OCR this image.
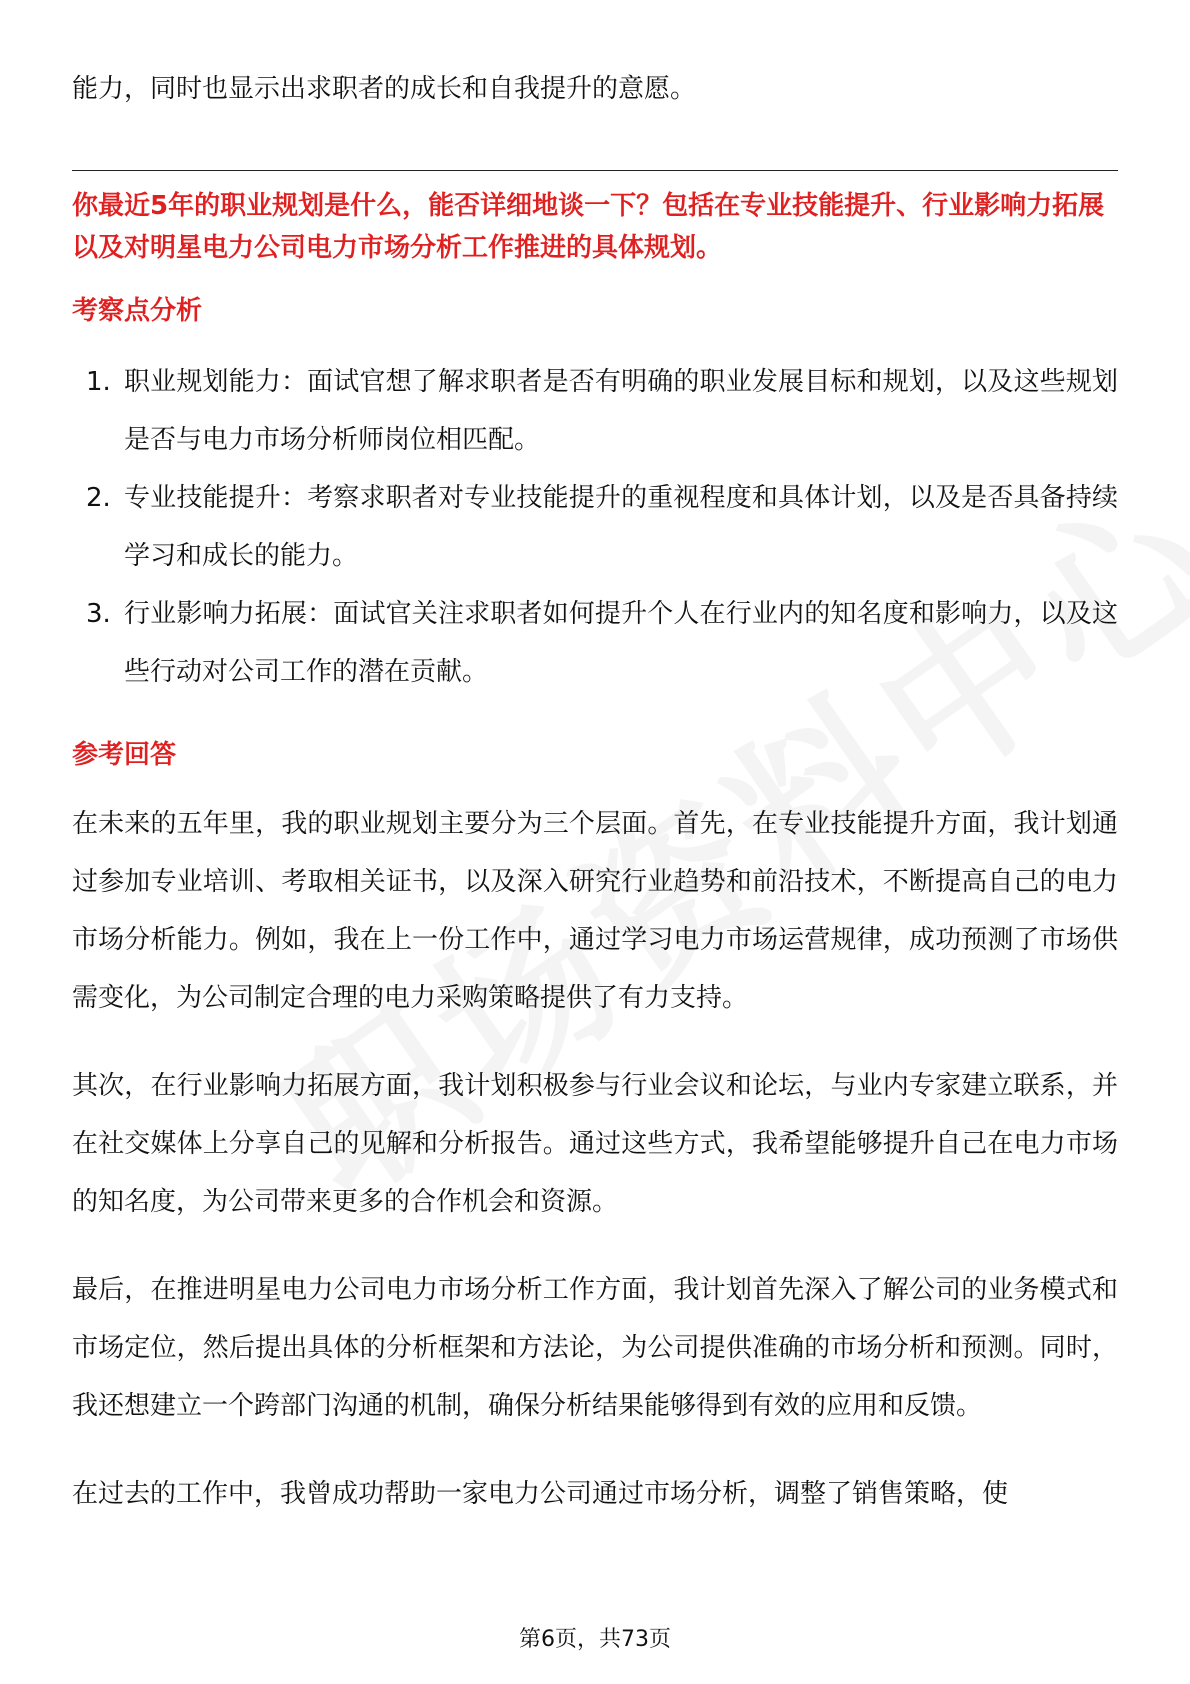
能力，同时也显示出求职者的成长和自我提升的意愿。

你最近5年的职业规划是什么，能否详细地谈一下？包括在专业技能提升、行业影响力拓展以及对明星电力公司电力市场分析工作推进的具体规划。
考察点分析
1. 职业规划能力：面试官想了解求职者是否有明确的职业发展目标和规划，以及这些规划是否与电力市场分析师岗位相匹配。
2. 专业技能提升：考察求职者对专业技能提升的重视程度和具体计划，以及是否具备持续学习和成长的能力。
3. 行业影响力拓展：面试官关注求职者如何提升个人在行业内的知名度和影响力，以及这些行动对公司工作的潜在贡献。
参考回答

在未来的五年里，我的职业规划主要分为三个层面。首先，在专业技能提升方面，我计划通过参加专业培训、考取相关证书，以及深入研究行业趋势和前沿技术，不断提高自己的电力市场分析能力。例如，我在上一份工作中，通过学习电力市场运营规律，成功预测了市场供需变化，为公司制定合理的电力采购策略提供了有力支持。

其次，在行业影响力拓展方面，我计划积极参与行业会议和论坛，与业内专家建立联系，并在社交媒体上分享自己的见解和分析报告。通过这些方式，我希望能够提升自己在电力市场的知名度，为公司带来更多的合作机会和资源。

最后，在推进明星电力公司电力市场分析工作方面，我计划首先深入了解公司的业务模式和市场定位，然后提出具体的分析框架和方法论，为公司提供准确的市场分析和预测。同时，我还想建立一个跨部门沟通的机制，确保分析结果能够得到有效的应用和反馈。

在过去的工作中，我曾成功帮助一家电力公司通过市场分析，调整了销售策略，使

第6页，共73页
